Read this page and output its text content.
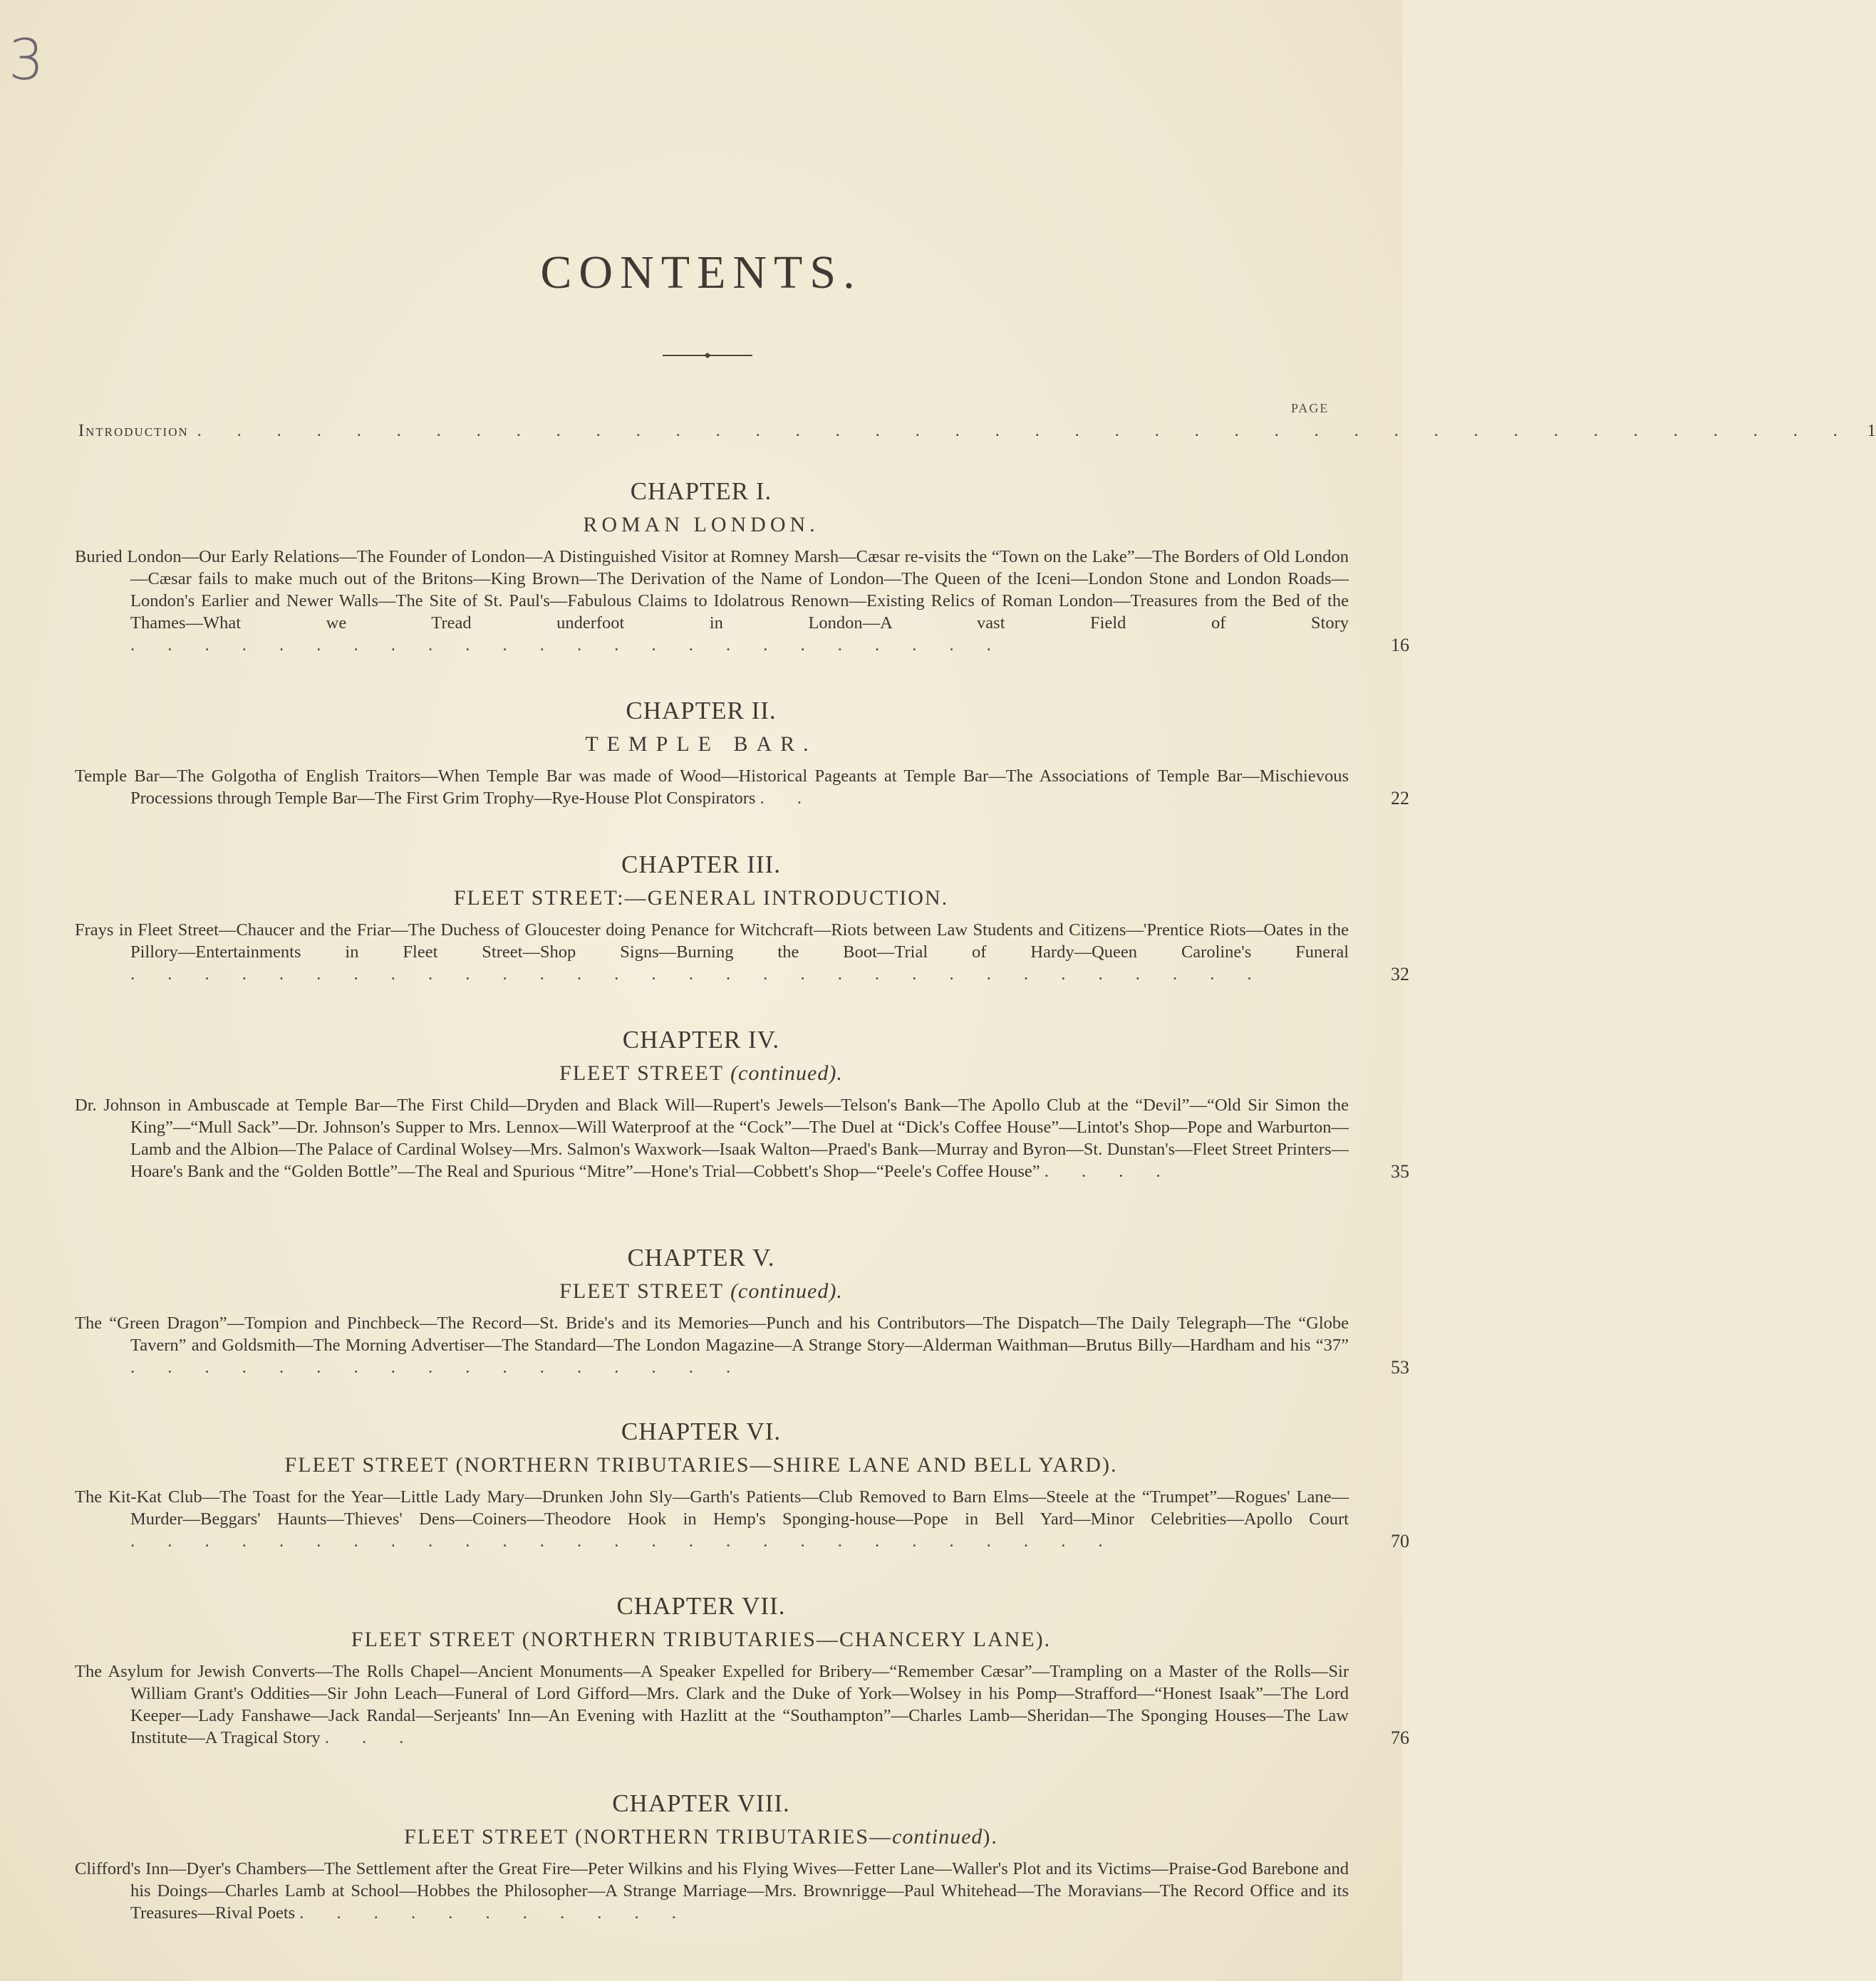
3
CONTENTS.
PAGE
Introduction . . . . . . . . . . . . . . . . . . . . . . . . . . . . . . . . . . . . . . . . . . 1
CHAPTER I.
ROMAN LONDON.
Buried London—Our Early Relations—The Founder of London—A Distinguished Visitor at Romney Marsh—Cæsar re-visits the “Town on the Lake”—The Borders of Old London—Cæsar fails to make much out of the Britons—King Brown—The Derivation of the Name of London—The Queen of the Iceni—London Stone and London Roads—London's Earlier and Newer Walls—The Site of St. Paul's—Fabulous Claims to Idolatrous Renown—Existing Relics of Roman London—Treasures from the Bed of the Thames—What we Tread underfoot in London—A vast Field of Story . . . . . . . . . . . . . . . . . . . . . . . .	16
CHAPTER II.
TEMPLE BAR.
Temple Bar—The Golgotha of English Traitors—When Temple Bar was made of Wood—Historical Pageants at Temple Bar—The Associations of Temple Bar—Mischievous Processions through Temple Bar—The First Grim Trophy—Rye-House Plot Conspirators . .	22
CHAPTER III.
FLEET STREET:—GENERAL INTRODUCTION.
Frays in Fleet Street—Chaucer and the Friar—The Duchess of Gloucester doing Penance for Witchcraft—Riots between Law Students and Citizens—'Prentice Riots—Oates in the Pillory—Entertainments in Fleet Street—Shop Signs—Burning the Boot—Trial of Hardy—Queen Caroline's Funeral . . . . . . . . . . . . . . . . . . . . . . . . . . . . . . .	32
CHAPTER IV.
FLEET STREET (continued).
Dr. Johnson in Ambuscade at Temple Bar—The First Child—Dryden and Black Will—Rupert's Jewels—Telson's Bank—The Apollo Club at the “Devil”—“Old Sir Simon the King”—“Mull Sack”—Dr. Johnson's Supper to Mrs. Lennox—Will Waterproof at the “Cock”—The Duel at “Dick's Coffee House”—Lintot's Shop—Pope and Warburton—Lamb and the Albion—The Palace of Cardinal Wolsey—Mrs. Salmon's Waxwork—Isaak Walton—Praed's Bank—Murray and Byron—St. Dunstan's—Fleet Street Printers—Hoare's Bank and the “Golden Bottle”—The Real and Spurious “Mitre”—Hone's Trial—Cobbett's Shop—“Peele's Coffee House” . . . .	35
CHAPTER V.
FLEET STREET (continued).
The “Green Dragon”—Tompion and Pinchbeck—The Record—St. Bride's and its Memories—Punch and his Contributors—The Dispatch—The Daily Telegraph—The “Globe Tavern” and Goldsmith—The Morning Advertiser—The Standard—The London Magazine—A Strange Story—Alderman Waithman—Brutus Billy—Hardham and his “37” . . . . . . . . . . . . . . . . .	53
CHAPTER VI.
FLEET STREET (NORTHERN TRIBUTARIES—SHIRE LANE AND BELL YARD).
The Kit-Kat Club—The Toast for the Year—Little Lady Mary—Drunken John Sly—Garth's Patients—Club Removed to Barn Elms—Steele at the “Trumpet”—Rogues' Lane—Murder—Beggars' Haunts—Thieves' Dens—Coiners—Theodore Hook in Hemp's Sponging-house—Pope in Bell Yard—Minor Celebrities—Apollo Court . . . . . . . . . . . . . . . . . . . . . . . . . . .	70
CHAPTER VII.
FLEET STREET (NORTHERN TRIBUTARIES—CHANCERY LANE).
The Asylum for Jewish Converts—The Rolls Chapel—Ancient Monuments—A Speaker Expelled for Bribery—“Remember Cæsar”—Trampling on a Master of the Rolls—Sir William Grant's Oddities—Sir John Leach—Funeral of Lord Gifford—Mrs. Clark and the Duke of York—Wolsey in his Pomp—Strafford—“Honest Isaak”—The Lord Keeper—Lady Fanshawe—Jack Randal—Serjeants' Inn—An Evening with Hazlitt at the “Southampton”—Charles Lamb—Sheridan—The Sponging Houses—The Law Institute—A Tragical Story . . .	76
CHAPTER VIII.
FLEET STREET (NORTHERN TRIBUTARIES—continued).
Clifford's Inn—Dyer's Chambers—The Settlement after the Great Fire—Peter Wilkins and his Flying Wives—Fetter Lane—Waller's Plot and its Victims—Praise-God Barebone and his Doings—Charles Lamb at School—Hobbes the Philosopher—A Strange Marriage—Mrs. Brownrigge—Paul Whitehead—The Moravians—The Record Office and its Treasures—Rival Poets . . . . . . . . . . .
